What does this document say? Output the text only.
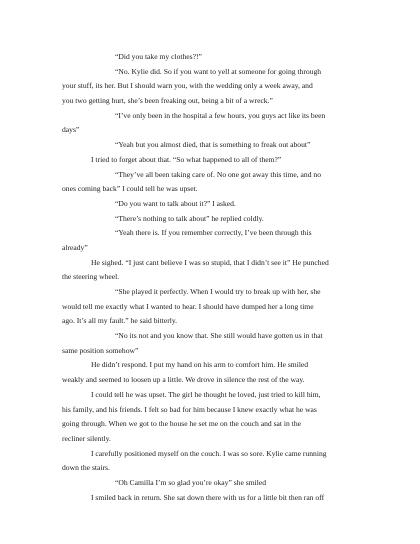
“Did you take my clothes?!”
“No. Kylie did. So if you want to yell at someone for going through
your stuff, its her. But I should warn you, with the wedding only a week away, and
you two getting hurt, she’s been freaking out, being a bit of a wreck.”
“I’ve only been in the hospital a few hours, you guys act like its been
days”
“Yeah but you almost died, that is something to freak out about”
I tried to forget about that. “So what happened to all of them?”
“They’ve all been taking care of. No one got away this time, and no
ones coming back” I could tell he was upset.
“Do you want to talk about it?” I asked.
“There’s nothing to talk about” he replied coldly.
“Yeah there is. If you remember correctly, I’ve been through this
already”
He sighed. “I just cant believe I was so stupid, that I didn’t see it” He punched
the steering wheel.
“She played it perfectly. When I would try to break up with her, she
would tell me exactly what I wanted to hear. I should have dumped her a long time
ago. It’s all my fault.” he said bitterly.
“No its not and you know that. She still would have gotten us in that
same position somehow”
He didn’t respond. I put my hand on his arm to comfort him. He smiled
weakly and seemed to loosen up a little. We drove in silence the rest of the way.
I could tell he was upset. The girl he thought he loved, just tried to kill him,
his family, and his friends. I felt so bad for him because I knew exactly what he was
going through. When we got to the house he set me on the couch and sat in the
recliner silently.
I carefully positioned myself on the couch. I was so sore. Kylie came running
down the stairs.
“Oh Camilla I’m so glad you’re okay” she smiled
I smiled back in return. She sat down there with us for a little bit then ran off
